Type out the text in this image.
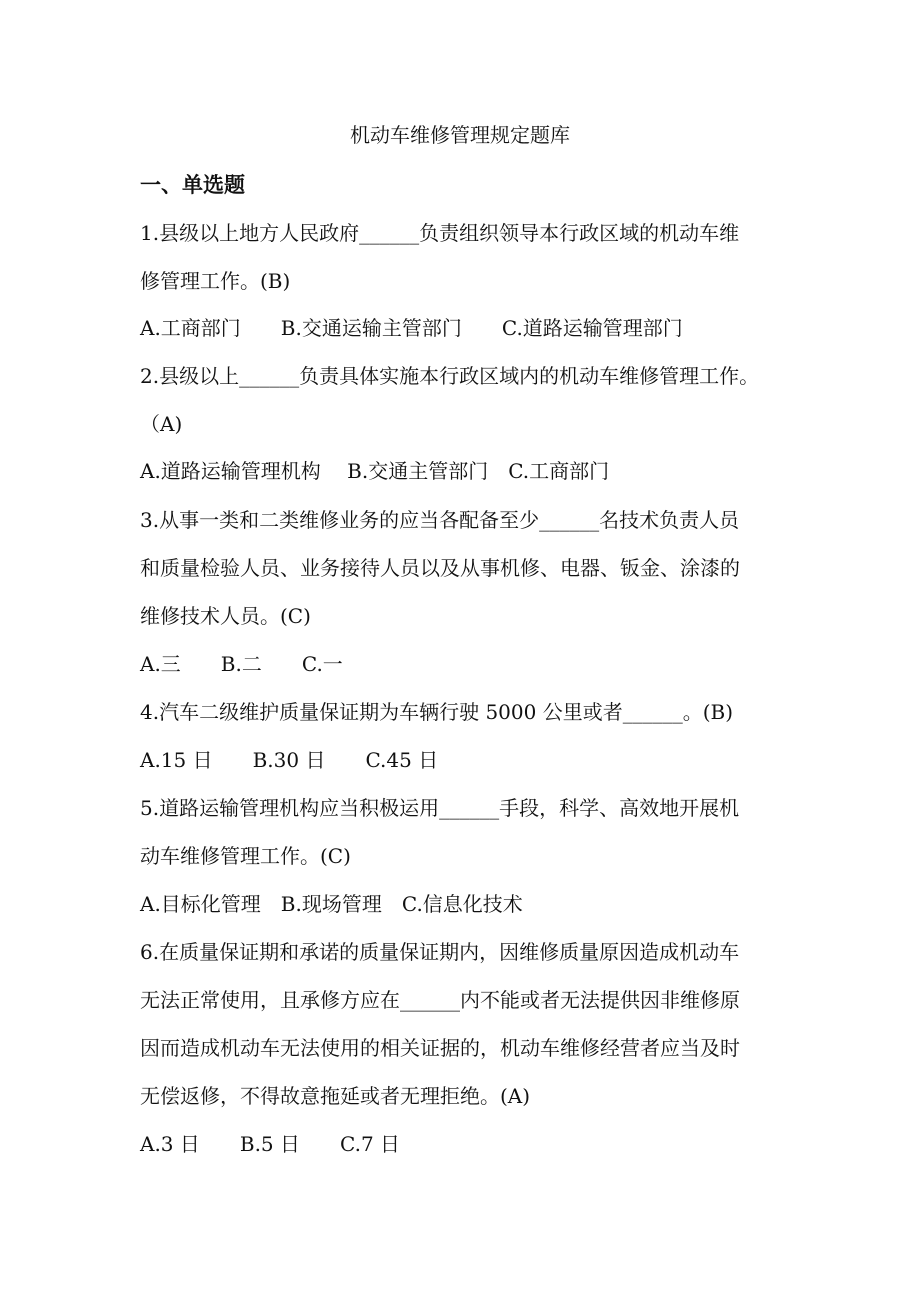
机动车维修管理规定题库
一、单选题
1.县级以上地方人民政府______负责组织领导本行政区域的机动车维
修管理工作。(B)
A.工商部门　　B.交通运输主管部门　　C.道路运输管理部门
2.县级以上______负责具体实施本行政区域内的机动车维修管理工作。
（A)
A.道路运输管理机构　 B.交通主管部门　C.工商部门
3.从事一类和二类维修业务的应当各配备至少______名技术负责人员
和质量检验人员、业务接待人员以及从事机修、电器、钣金、涂漆的
维修技术人员。(C)
A.三　　B.二　　C.一
4.汽车二级维护质量保证期为车辆行驶 5000 公里或者______。(B)
A.15 日　　B.30 日　　C.45 日
5.道路运输管理机构应当积极运用______手段，科学、高效地开展机
动车维修管理工作。(C)
A.目标化管理　B.现场管理　C.信息化技术
6.在质量保证期和承诺的质量保证期内，因维修质量原因造成机动车
无法正常使用，且承修方应在______内不能或者无法提供因非维修原
因而造成机动车无法使用的相关证据的，机动车维修经营者应当及时
无偿返修，不得故意拖延或者无理拒绝。(A)
A.3 日　　B.5 日　　C.7 日
